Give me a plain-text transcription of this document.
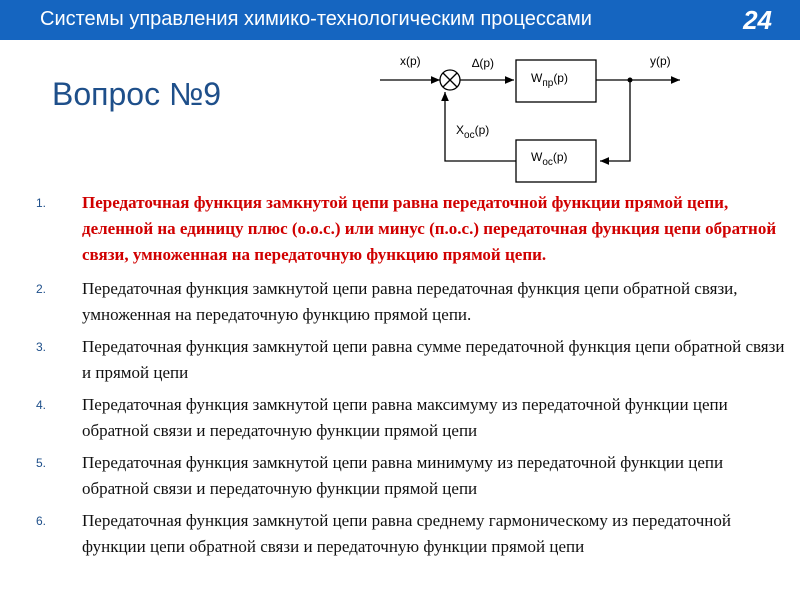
Системы управления химико-технологическим процессами	24
Вопрос №9
x(p)	∆(p)
$W_{пр}(p)$
y(p)
$W_{ос}(p)$
$X_{ос}(p)$
1. Передаточная функция замкнутой цепи равна передаточной функции прямой цепи, деленной на единицу плюс (о.о.с.) или минус (п.о.с.) передаточная функция цепи обратной связи, умноженная на передаточную функцию прямой цепи.
2. Передаточная функция замкнутой цепи равна передаточная функция цепи обратной связи, умноженная на передаточную функцию прямой цепи.
3. Передаточная функция замкнутой цепи равна сумме передаточной функция цепи обратной связи и прямой цепи
4. Передаточная функция замкнутой цепи равна максимуму из передаточной функции цепи обратной связи и передаточную функции прямой цепи
5. Передаточная функция замкнутой цепи равна минимуму из передаточной функции цепи обратной связи и передаточную функции прямой цепи
6. Передаточная функция замкнутой цепи равна среднему гармоническому из передаточной функции цепи обратной связи и передаточную функции прямой цепи
